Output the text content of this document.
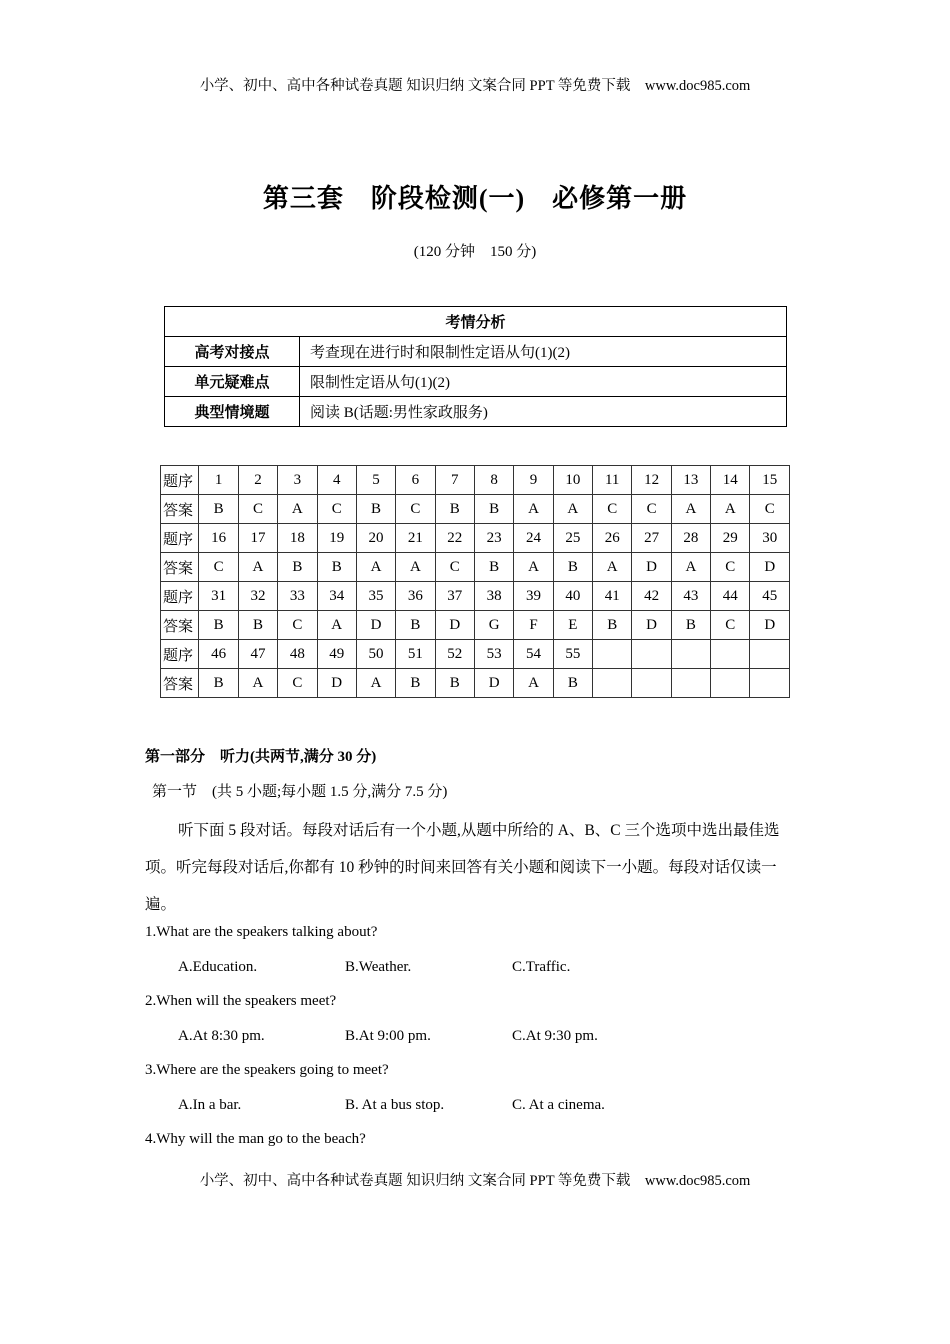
小学、初中、高中各种试卷真题 知识归纳 文案合同 PPT 等免费下载　www.doc985.com
第三套　阶段检测(一)　必修第一册
(120 分钟　150 分)
考情分析	
高考对接点	考查现在进行时和限制性定语从句(1)(2)
单元疑难点	限制性定语从句(1)(2)
典型情境题	阅读 B(话题:男性家政服务)
题序	1	2	3	4	5	6	7	8	9	10	11	12	13	14	15
答案	B	C	A	C	B	C	B	B	A	A	C	C	A	A	C
题序	16	17	18	19	20	21	22	23	24	25	26	27	28	29	30
答案	C	A	B	B	A	A	C	B	A	B	A	D	A	C	D
题序	31	32	33	34	35	36	37	38	39	40	41	42	43	44	45
答案	B	B	C	A	D	B	D	G	F	E	B	D	B	C	D
题序	46	47	48	49	50	51	52	53	54	55					
答案	B	A	C	D	A	B	B	D	A	B					
第一部分　听力(共两节,满分 30 分)
第一节　(共 5 小题;每小题 1.5 分,满分 7.5 分)
听下面 5 段对话。每段对话后有一个小题,从题中所给的 A、B、C 三个选项中选出最佳选项。听完每段对话后,你都有 10 秒钟的时间来回答有关小题和阅读下一小题。每段对话仅读一遍。
1.What are the speakers talking about?
A.Education.	B.Weather.	C.Traffic.
2.When will the speakers meet?
A.At 8:30 pm.	B.At 9:00 pm.	C.At 9:30 pm.
3.Where are the speakers going to meet?
A.In a bar.	B. At a bus stop.	C. At a cinema.
4.Why will the man go to the beach?
小学、初中、高中各种试卷真题 知识归纳 文案合同 PPT 等免费下载　www.doc985.com
